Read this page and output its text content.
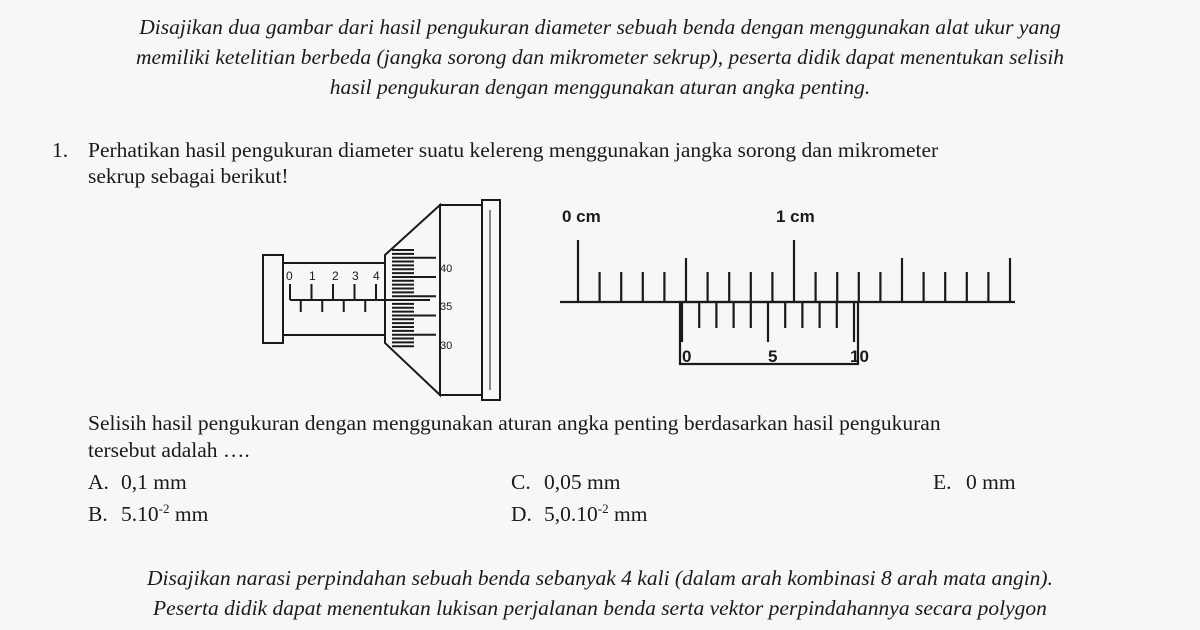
Disajikan dua gambar dari hasil pengukuran diameter sebuah benda dengan menggunakan alat ukur yang
memiliki ketelitian berbeda (jangka sorong dan mikrometer sekrup), peserta didik dapat menentukan selisih
hasil pengukuran dengan menggunakan aturan angka penting.

1. Perhatikan hasil pengukuran diameter suatu kelereng menggunakan jangka sorong dan mikrometer
sekrup sebagai berikut!
0 1 2 3 4	40
35
30
0 cm	1 cm
0	5	10
Selisih hasil pengukuran dengan menggunakan aturan angka penting berdasarkan hasil pengukuran
tersebut adalah ….
A. 0,1 mm
B. $5.10^{-2}$ mm
C. 0,05 mm
D. $5,0.10^{-2}$ mm
E. 0 mm

Disajikan narasi perpindahan sebuah benda sebanyak 4 kali (dalam arah kombinasi 8 arah mata angin).
Peserta didik dapat menentukan lukisan perjalanan benda serta vektor perpindahannya secara polygon
